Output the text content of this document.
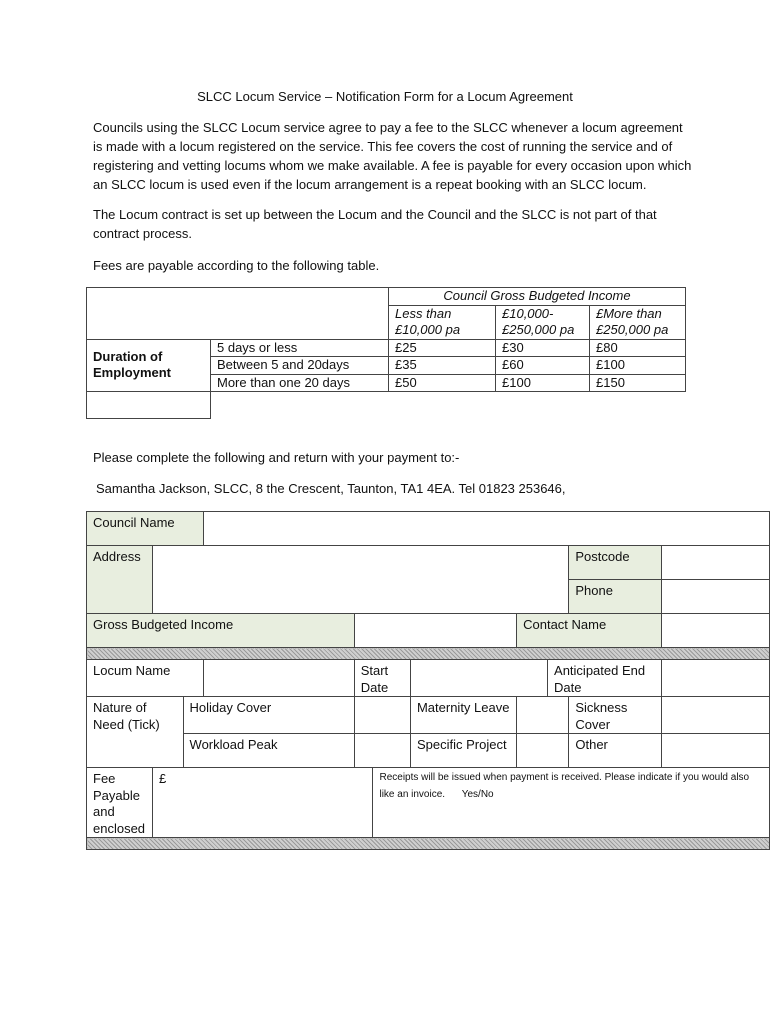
SLCC Locum Service – Notification Form for a Locum Agreement

Councils using the SLCC Locum service agree to pay a fee to the SLCC whenever a locum agreement is made with a locum registered on the service. This fee covers the cost of running the service and of registering and vetting locums whom we make available. A fee is payable for every occasion upon which an SLCC locum is used even if the locum arrangement is a repeat booking with an SLCC locum.

The Locum contract is set up between the Locum and the Council and the SLCC is not part of that contract process.

Fees are payable according to the following table.

		Council Gross Budgeted Income		
		Less than £10,000 pa	£10,000-£250,000 pa	£More than £250,000 pa

Duration of Employment	5 days or less	£25	£30	£80
	Between 5 and 20days	£35	£60	£100
	More than one 20 days	£50	£100	£150

Please complete the following and return with your payment to:-

Samantha Jackson, SLCC, 8 the Crescent, Taunton, TA1 4EA. Tel 01823 253646,

Council Name										
Address									Postcode	
									Phone	
Gross Budgeted Income							Contact Name			

Locum Name				Start Date				Anticipated End Date		
Nature of Need (Tick)		Holiday Cover				Maternity Leave			Sickness Cover	
		Workload Peak				Specific Project			Other	
Fee Payable and enclosed	£				Receipts will be issued when payment is received. Please indicate if you would also like an invoice. Yes/No					
